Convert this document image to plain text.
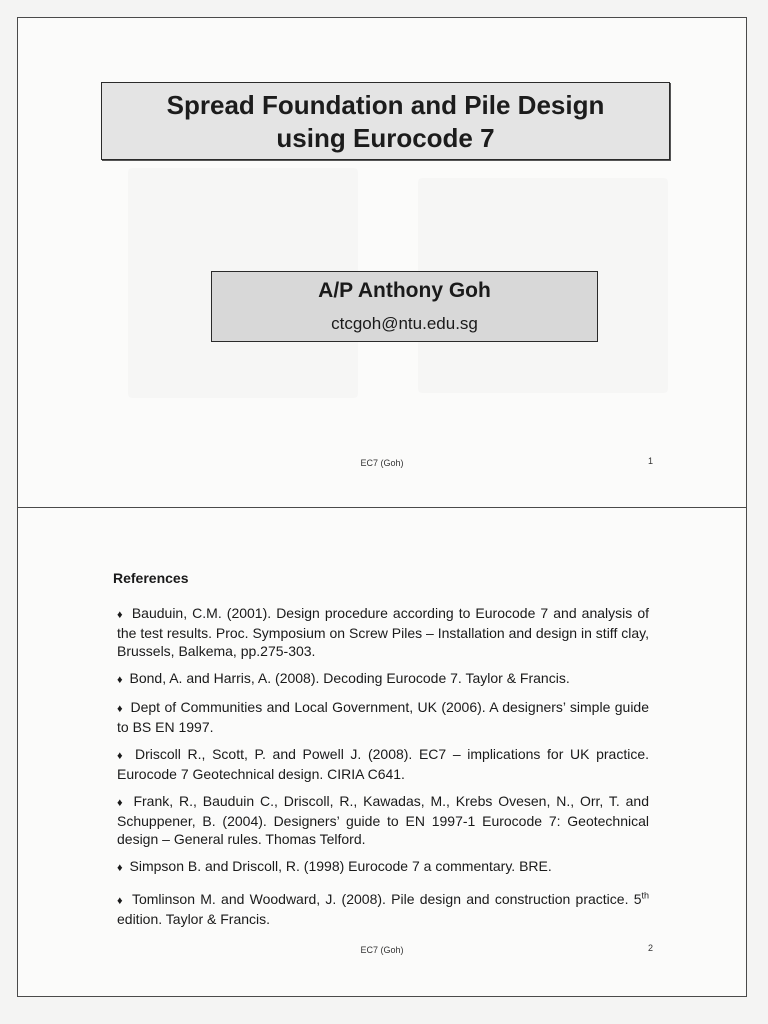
Spread Foundation and Pile Design
using Eurocode 7
A/P Anthony Goh
ctcgoh@ntu.edu.sg
EC7 (Goh)	1
References
♦ Bauduin, C.M. (2001). Design procedure according to Eurocode 7 and analysis of the test results. Proc. Symposium on Screw Piles – Installation and design in stiff clay, Brussels, Balkema, pp.275-303.
♦ Bond, A. and Harris, A. (2008). Decoding Eurocode 7. Taylor & Francis.
♦ Dept of Communities and Local Government, UK (2006). A designers’ simple guide to BS EN 1997.
♦ Driscoll R., Scott, P. and Powell J. (2008). EC7 – implications for UK practice. Eurocode 7 Geotechnical design. CIRIA C641.
♦ Frank, R., Bauduin C., Driscoll, R., Kawadas, M., Krebs Ovesen, N., Orr, T. and Schuppener, B. (2004). Designers’ guide to EN 1997-1 Eurocode 7: Geotechnical design – General rules. Thomas Telford.
♦ Simpson B. and Driscoll, R. (1998) Eurocode 7 a commentary. BRE.
♦ Tomlinson M. and Woodward, J. (2008). Pile design and construction practice. 5th edition. Taylor & Francis.
EC7 (Goh)	2
